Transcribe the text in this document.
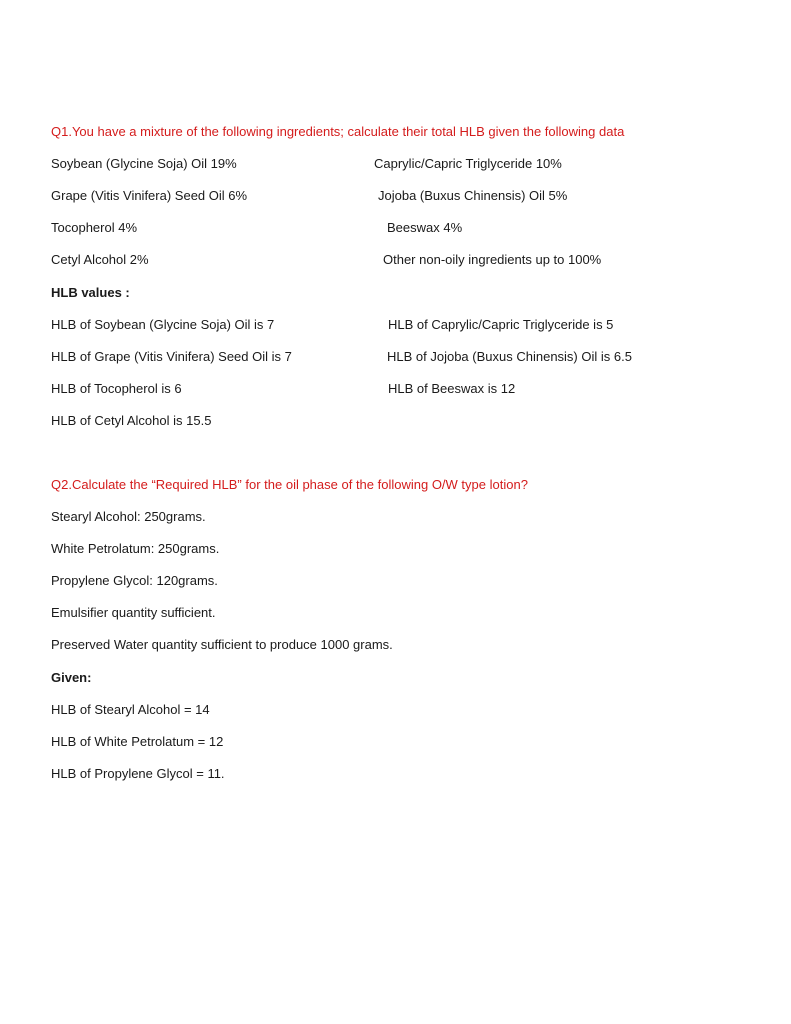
Q1.You have a mixture of the following ingredients; calculate their total HLB given the following data
Soybean (Glycine Soja) Oil 19%	Caprylic/Capric Triglyceride 10%
Grape (Vitis Vinifera) Seed Oil 6%	Jojoba (Buxus Chinensis) Oil 5%
Tocopherol 4%	Beeswax 4%
Cetyl Alcohol 2%	Other non-oily ingredients up to 100%
HLB values :
HLB of Soybean (Glycine Soja) Oil is 7	HLB of Caprylic/Capric Triglyceride is 5
HLB of Grape (Vitis Vinifera) Seed Oil is 7	HLB of Jojoba (Buxus Chinensis) Oil is 6.5
HLB of Tocopherol is 6	HLB of Beeswax is 12
HLB of Cetyl Alcohol is 15.5
Q2.Calculate the “Required HLB” for the oil phase of the following O/W type lotion?
Stearyl Alcohol: 250grams.
White Petrolatum: 250grams.
Propylene Glycol: 120grams.
Emulsifier quantity sufficient.
Preserved Water quantity sufficient to produce 1000 grams.
Given:
HLB of Stearyl Alcohol = 14
HLB of White Petrolatum = 12
HLB of Propylene Glycol = 11.
